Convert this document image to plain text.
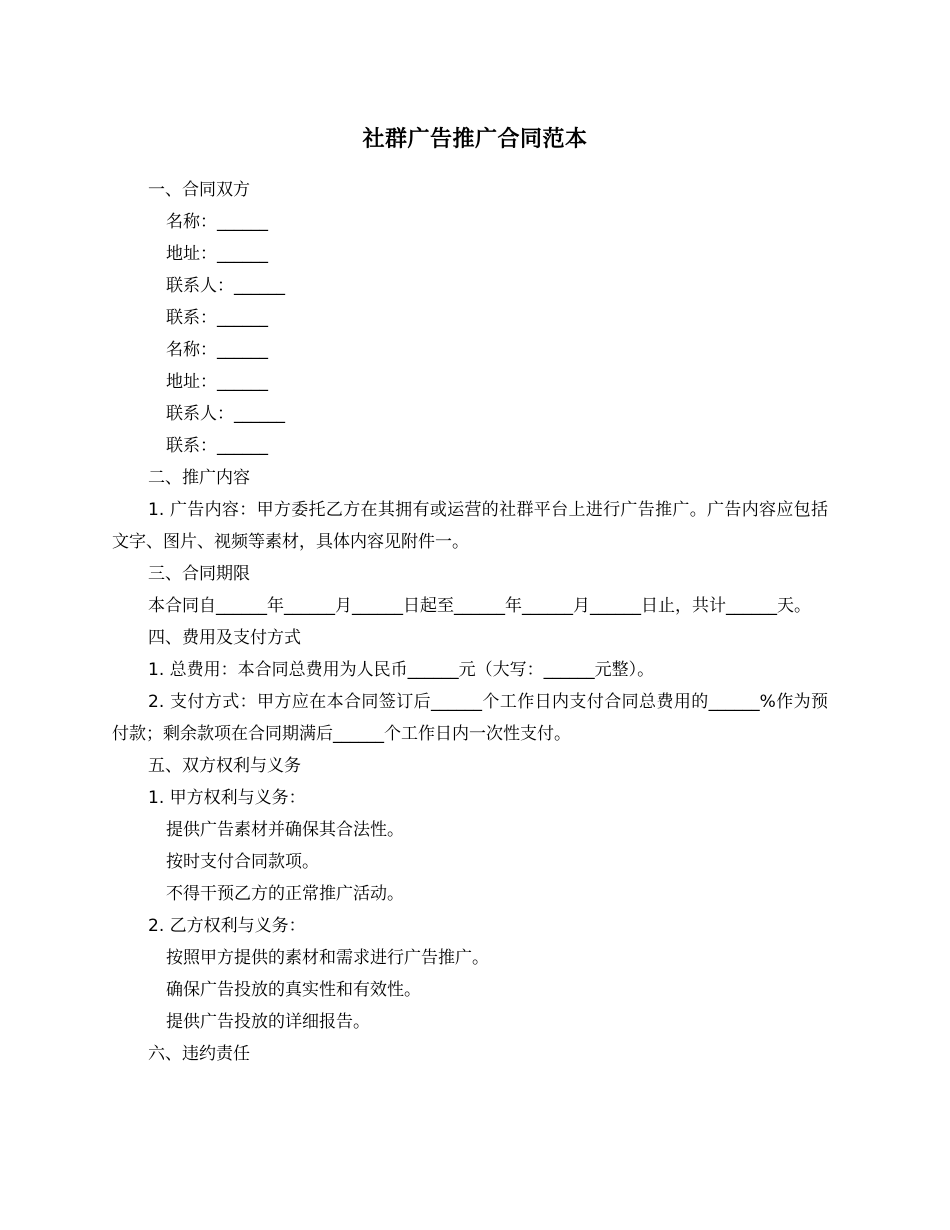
社群广告推广合同范本
一、合同双方
名称：______
地址：______
联系人：______
联系：______
名称：______
地址：______
联系人：______
联系：______
二、推广内容
1. 广告内容：甲方委托乙方在其拥有或运营的社群平台上进行广告推广。广告内容应包括文字、图片、视频等素材，具体内容见附件一。
三、合同期限
本合同自______年______月______日起至______年______月______日止，共计______天。
四、费用及支付方式
1. 总费用：本合同总费用为人民币______元（大写：______元整）。
2. 支付方式：甲方应在本合同签订后______个工作日内支付合同总费用的______%作为预付款；剩余款项在合同期满后______个工作日内一次性支付。
五、双方权利与义务
1. 甲方权利与义务：
提供广告素材并确保其合法性。
按时支付合同款项。
不得干预乙方的正常推广活动。
2. 乙方权利与义务：
按照甲方提供的素材和需求进行广告推广。
确保广告投放的真实性和有效性。
提供广告投放的详细报告。
六、违约责任
